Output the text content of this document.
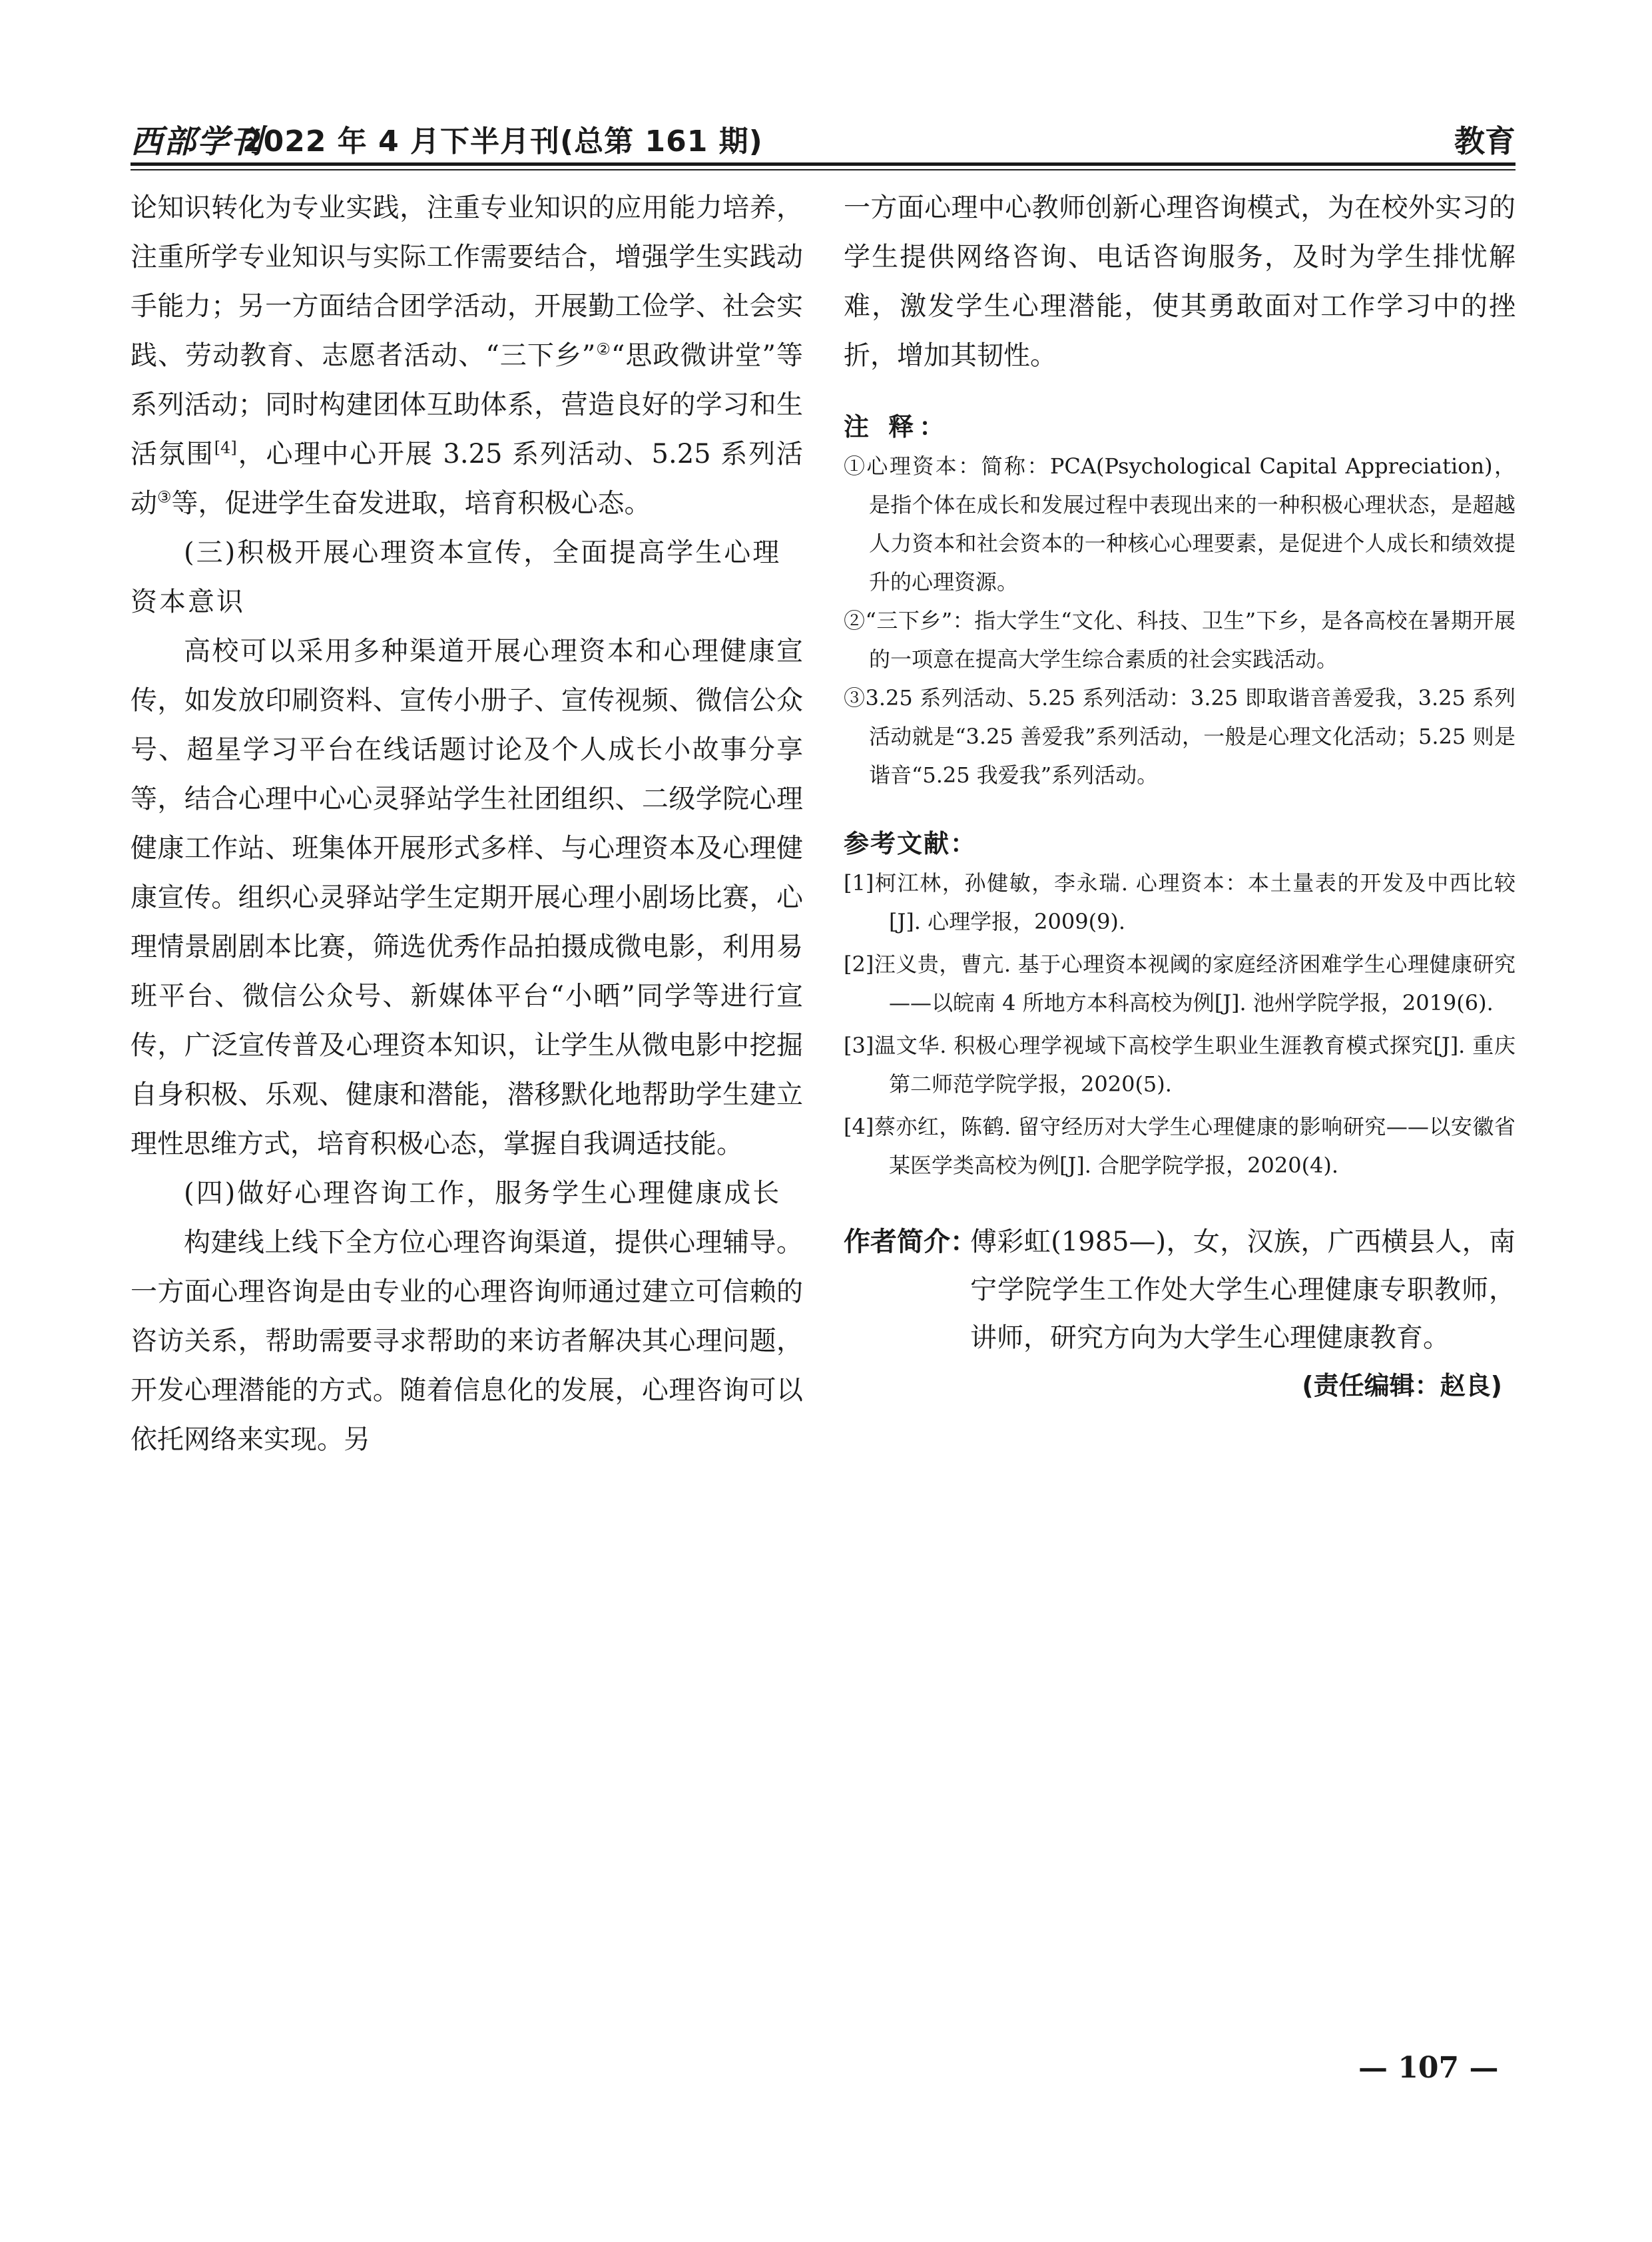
西部学刊
2022 年 4 月下半月刊(总第 161 期)	教育

论知识转化为专业实践，注重专业知识的应用能力培养，注重所学专业知识与实际工作需要结合，增强学生实践动手能力；另一方面结合团学活动，开展勤工俭学、社会实践、劳动教育、志愿者活动、“三下乡”②“思政微讲堂”等系列活动；同时构建团体互助体系，营造良好的学习和生活氛围[4]，心理中心开展 3.25 系列活动、5.25 系列活动③等，促进学生奋发进取，培育积极心态。

(三)积极开展心理资本宣传，全面提高学生心理资本意识

高校可以采用多种渠道开展心理资本和心理健康宣传，如发放印刷资料、宣传小册子、宣传视频、微信公众号、超星学习平台在线话题讨论及个人成长小故事分享等，结合心理中心心灵驿站学生社团组织、二级学院心理健康工作站、班集体开展形式多样、与心理资本及心理健康宣传。组织心灵驿站学生定期开展心理小剧场比赛，心理情景剧剧本比赛，筛选优秀作品拍摄成微电影，利用易班平台、微信公众号、新媒体平台“小晒”同学等进行宣传，广泛宣传普及心理资本知识，让学生从微电影中挖掘自身积极、乐观、健康和潜能，潜移默化地帮助学生建立理性思维方式，培育积极心态，掌握自我调适技能。

(四)做好心理咨询工作，服务学生心理健康成长

构建线上线下全方位心理咨询渠道，提供心理辅导。一方面心理咨询是由专业的心理咨询师通过建立可信赖的咨访关系，帮助需要寻求帮助的来访者解决其心理问题，开发心理潜能的方式。随着信息化的发展，心理咨询可以依托网络来实现。另

一方面心理中心教师创新心理咨询模式，为在校外实习的学生提供网络咨询、电话咨询服务，及时为学生排忧解难，激发学生心理潜能，使其勇敢面对工作学习中的挫折，增加其韧性。

注 释：

①心理资本：简称：PCA(Psychological Capital Appreciation)，是指个体在成长和发展过程中表现出来的一种积极心理状态，是超越人力资本和社会资本的一种核心心理要素，是促进个人成长和绩效提升的心理资源。

②“三下乡”：指大学生“文化、科技、卫生”下乡，是各高校在暑期开展的一项意在提高大学生综合素质的社会实践活动。

③3.25 系列活动、5.25 系列活动：3.25 即取谐音善爱我，3.25 系列活动就是“3.25 善爱我”系列活动，一般是心理文化活动；5.25 则是谐音“5.25 我爱我”系列活动。

参考文献：

[1]柯江林，孙健敏，李永瑞. 心理资本：本土量表的开发及中西比较[J]. 心理学报，2009(9).

[2]汪义贵，曹亢. 基于心理资本视阈的家庭经济困难学生心理健康研究——以皖南 4 所地方本科高校为例[J]. 池州学院学报，2019(6).

[3]温文华. 积极心理学视域下高校学生职业生涯教育模式探究[J]. 重庆第二师范学院学报，2020(5).

[4]蔡亦红，陈鹤. 留守经历对大学生心理健康的影响研究——以安徽省某医学类高校为例[J]. 合肥学院学报，2020(4).

作者简介：
傅彩虹(1985—)，女，汉族，广西横县人，南宁学院学生工作处大学生心理健康专职教师，讲师，研究方向为大学生心理健康教育。
(责任编辑：赵良)
— 107 —
